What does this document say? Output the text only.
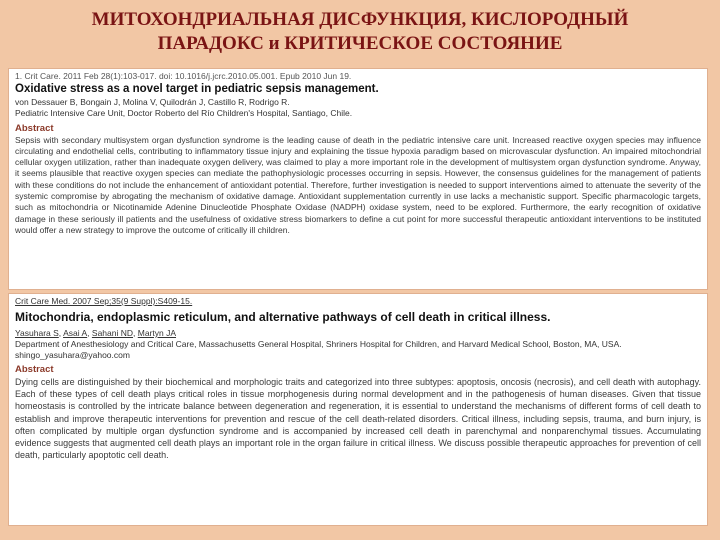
МИТОХОНДРИАЛЬНАЯ ДИСФУНКЦИЯ, КИСЛОРОДНЫЙ
ПАРАДОКС и КРИТИЧЕСКОЕ СОСТОЯНИЕ
1. Crit Care. 2011 Feb 28(1):103-017. doi: 10.1016/j.jcrc.2010.05.001. Epub 2010 Jun 19.
Oxidative stress as a novel target in pediatric sepsis management.
von Dessauer B, Bongain J, Molina V, Quilodrán J, Castillo R, Rodrigo R.
Pediatric Intensive Care Unit, Doctor Roberto del Río Children's Hospital, Santiago, Chile.
Abstract
Sepsis with secondary multisystem organ dysfunction syndrome is the leading cause of death in the pediatric intensive care unit. Increased reactive oxygen species may influence circulating and endothelial cells, contributing to inflammatory tissue injury and explaining the tissue hypoxia paradigm based on microvascular dysfunction. An impaired mitochondrial cellular oxygen utilization, rather than inadequate oxygen delivery, was claimed to play a more important role in the development of multisystem organ dysfunction syndrome. Anyway, it seems plausible that reactive oxygen species can mediate the pathophysiologic processes occurring in sepsis. However, the consensus guidelines for the management of patients with these conditions do not include the enhancement of antioxidant potential. Therefore, further investigation is needed to support interventions aimed to attenuate the severity of the systemic compromise by abrogating the mechanism of oxidative damage. Antioxidant supplementation currently in use lacks a mechanistic support. Specific pharmacologic targets, such as mitochondria or Nicotinamide Adenine Dinucleotide Phosphate Oxidase (NADPH) oxidase system, need to be explored. Furthermore, the early recognition of oxidative damage in these seriously ill patients and the usefulness of oxidative stress biomarkers to define a cut point for more successful therapeutic antioxidant interventions to be instituted would offer a new strategy to improve the outcome of critically ill children.
Crit Care Med. 2007 Sep;35(9 Suppl):S409-15.
Mitochondria, endoplasmic reticulum, and alternative pathways of cell death in critical illness.
Yasuhara S, Asai A, Sahani ND, Martyn JA
Department of Anesthesiology and Critical Care, Massachusetts General Hospital, Shriners Hospital for Children, and Harvard Medical School, Boston, MA, USA.
shingo_yasuhara@yahoo.com
Abstract
Dying cells are distinguished by their biochemical and morphologic traits and categorized into three subtypes: apoptosis, oncosis (necrosis), and cell death with autophagy. Each of these types of cell death plays critical roles in tissue morphogenesis during normal development and in the pathogenesis of human diseases. Given that tissue homeostasis is controlled by the intricate balance between degeneration and regeneration, it is essential to understand the mechanisms of different forms of cell death to establish and improve therapeutic interventions for prevention and rescue of the cell death-related disorders. Critical illness, including sepsis, trauma, and burn injury, is often complicated by multiple organ dysfunction syndrome and is accompanied by increased cell death in parenchymal and nonparenchymal tissues. Accumulating evidence suggests that augmented cell death plays an important role in the organ failure in critical illness. We discuss possible therapeutic approaches for prevention of cell death, particularly apoptotic cell death.
